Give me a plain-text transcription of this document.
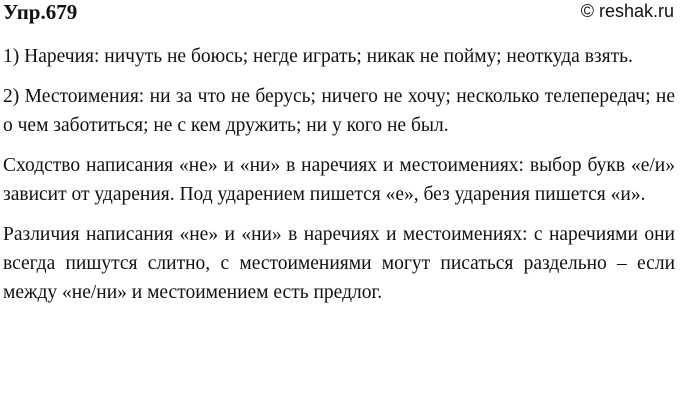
Упр.679	© reshak.ru

1) Наречия: ничуть не боюсь; негде играть; никак не пойму; неоткуда взять.

2) Местоимения: ни за что не берусь; ничего не хочу; несколько телепередач; не о чем заботиться; не с кем дружить; ни у кого не был.

Сходство написания «не» и «ни» в наречиях и местоимениях: выбор букв «е/и» зависит от ударения. Под ударением пишется «е», без ударения пишется «и».

Различия написания «не» и «ни» в наречиях и местоимениях: с наречиями они всегда пишутся слитно, с местоимениями могут писаться раздельно – если между «не/ни» и местоимением есть предлог.
